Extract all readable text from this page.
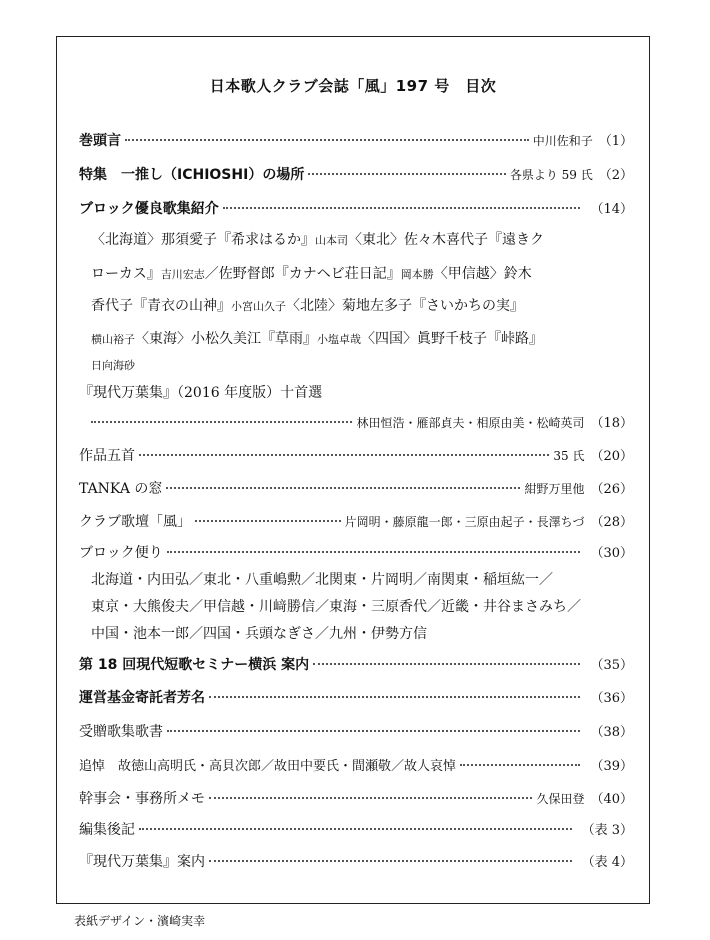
日本歌人クラブ会誌「風」197 号　目次
巻頭言	中川佐和子 （1）
特集　一推し（ICHIOSHI）の場所	各県より 59 氏 （2）
ブロック優良歌集紹介	（14）
〈北海道〉那須愛子『希求はるか』山本司〈東北〉佐々木喜代子『遠きク
ローカス』吉川宏志／佐野督郎『カナヘビ荘日記』岡本勝〈甲信越〉鈴木
香代子『青衣の山神』小宮山久子〈北陸〉菊地左多子『さいかちの実』
横山裕子〈東海〉小松久美江『草雨』小塩卓哉〈四国〉眞野千枝子『峠路』
日向海砂
『現代万葉集』（2016 年度版）十首選
林田恒浩・雁部貞夫・相原由美・松崎英司 （18）
作品五首	35 氏 （20）
TANKA の窓	紺野万里他 （26）
クラブ歌壇「風」	片岡明・藤原龍一郎・三原由起子・長澤ちづ （28）
ブロック便り	（30）
北海道・内田弘／東北・八重嶋勲／北関東・片岡明／南関東・稲垣紘一／
東京・大熊俊夫／甲信越・川﨑勝信／東海・三原香代／近畿・井谷まさみち／
中国・池本一郎／四国・兵頭なぎさ／九州・伊勢方信
第 18 回現代短歌セミナー横浜 案内	（35）
運営基金寄託者芳名	（36）
受贈歌集歌書	（38）
追悼　故徳山高明氏・高貝次郎／故田中要氏・間瀬敬／故人哀悼	（39）
幹事会・事務所メモ	久保田登 （40）
編集後記	（表 3）
『現代万葉集』案内	（表 4）
表紙デザイン・濱崎実幸
